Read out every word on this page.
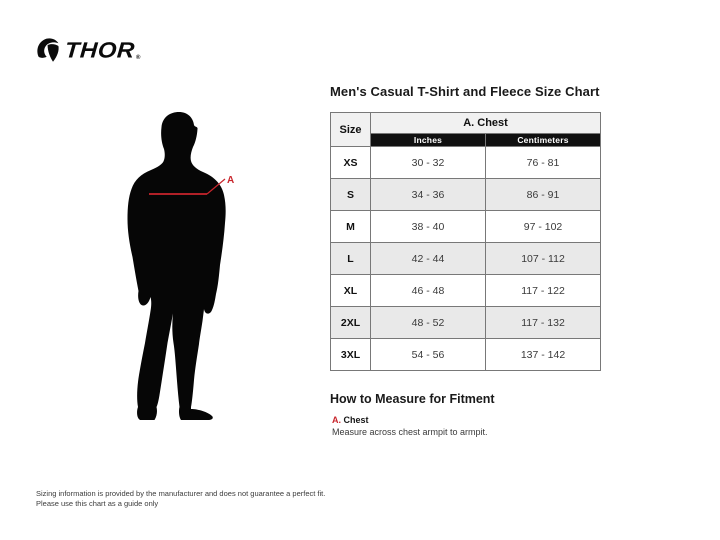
THOR ®
A
Men's Casual T-Shirt and Fleece Size Chart
Size	A. Chest	
	Inches	Centimeters
XS	30 - 32	76 - 81
S	34 - 36	86 - 91
M	38 - 40	97 - 102
L	42 - 44	107 - 112
XL	46 - 48	117 - 122
2XL	48 - 52	117 - 132
3XL	54 - 56	137 - 142
How to Measure for Fitment
A. Chest
Measure across chest armpit to armpit.
Sizing information is provided by the manufacturer and does not guarantee a perfect fit.
Please use this chart as a guide only
